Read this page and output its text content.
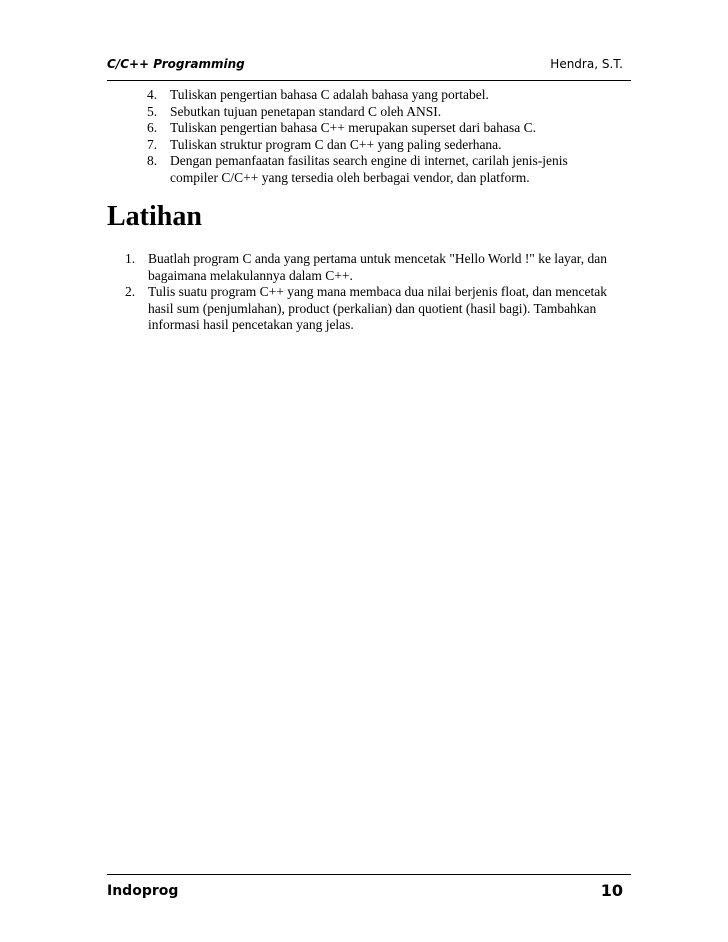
C/C++ Programming	Hendra, S.T.
4. Tuliskan pengertian bahasa C adalah bahasa yang portabel.
5. Sebutkan tujuan penetapan standard C oleh ANSI.
6. Tuliskan pengertian bahasa C++ merupakan superset dari bahasa C.
7. Tuliskan struktur program C dan C++ yang paling sederhana.
8. Dengan pemanfaatan fasilitas search engine di internet, carilah jenis-jenis compiler C/C++ yang tersedia oleh berbagai vendor, dan platform.
Latihan
1. Buatlah program C anda yang pertama untuk mencetak "Hello World !" ke layar, dan bagaimana melakulannya dalam C++.
2. Tulis suatu program C++ yang mana membaca dua nilai berjenis float, dan mencetak hasil sum (penjumlahan), product (perkalian) dan quotient (hasil bagi). Tambahkan informasi hasil pencetakan yang jelas.
Indoprog	10
